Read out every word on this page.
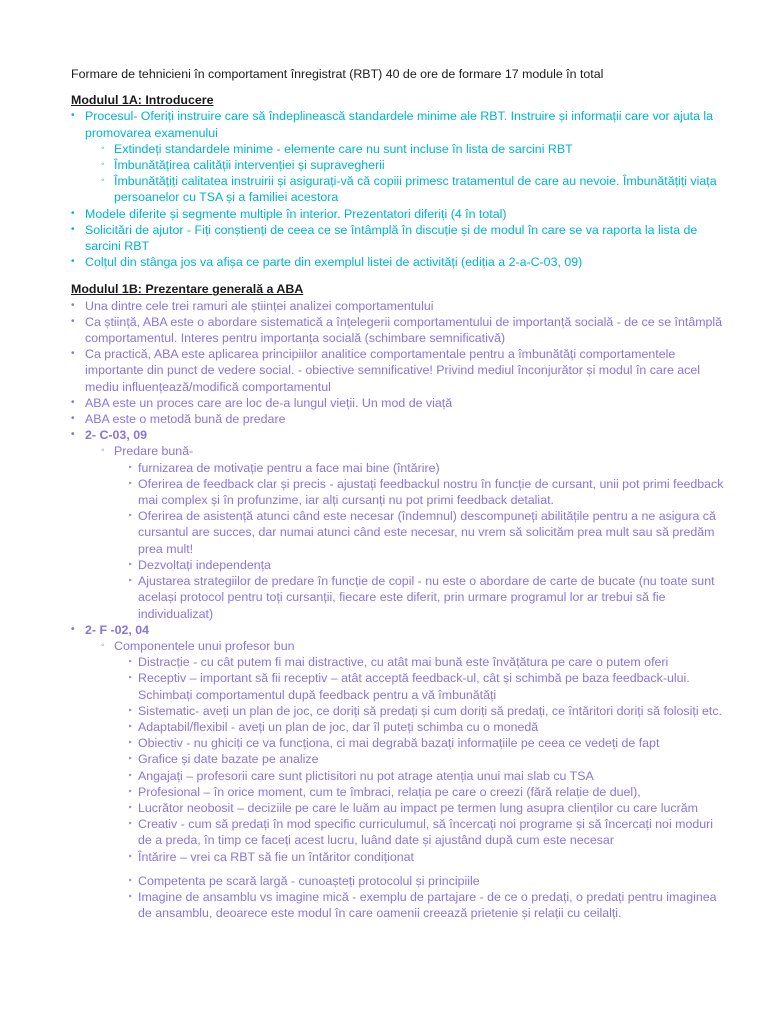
Formare de tehnicieni în comportament înregistrat (RBT) 40 de ore de formare 17 module în total
Modulul 1A: Introducere
• Procesul- Oferiți instruire care să îndeplinească standardele minime ale RBT. Instruire și informații care vor ajuta la promovarea examenului
◦ Extindeți standardele minime - elemente care nu sunt incluse în lista de sarcini RBT
◦ Îmbunătățirea calității intervenției și supravegherii
◦ Îmbunătățiți calitatea instruirii și asigurați-vă că copiii primesc tratamentul de care au nevoie. Îmbunătățiți viața persoanelor cu TSA și a familiei acestora
• Modele diferite și segmente multiple în interior. Prezentatori diferiți (4 în total)
• Solicitări de ajutor - Fiți conștienți de ceea ce se întâmplă în discuție și de modul în care se va raporta la lista de sarcini RBT
• Colțul din stânga jos va afișa ce parte din exemplul listei de activități (ediția a 2-a-C-03, 09)
Modulul 1B: Prezentare generală a ABA
• Una dintre cele trei ramuri ale științei analizei comportamentului
• Ca știință, ABA este o abordare sistematică a înțelegerii comportamentului de importanță socială - de ce se întâmplă comportamentul. Interes pentru importanța socială (schimbare semnificativă)
• Ca practică, ABA este aplicarea principiilor analitice comportamentale pentru a îmbunătăți comportamentele importante din punct de vedere social. - obiective semnificative! Privind mediul înconjurător și modul în care acel mediu influențează/modifică comportamentul
• ABA este un proces care are loc de-a lungul vieții. Un mod de viață
• ABA este o metodă bună de predare
• 2- C-03, 09
◦ Predare bună-
‣ furnizarea de motivație pentru a face mai bine (întărire)
‣ Oferirea de feedback clar și precis - ajustați feedbackul nostru în funcție de cursant, unii pot primi feedback mai complex și în profunzime, iar alți cursanți nu pot primi feedback detaliat.
‣ Oferirea de asistență atunci când este necesar (îndemnul) descompuneți abilitățile pentru a ne asigura că cursantul are succes, dar numai atunci când este necesar, nu vrem să solicităm prea mult sau să predăm prea mult!
‣ Dezvoltați independența
‣ Ajustarea strategiilor de predare în funcție de copil - nu este o abordare de carte de bucate (nu toate sunt același protocol pentru toți cursanții, fiecare este diferit, prin urmare programul lor ar trebui să fie individualizat)
• 2- F -02, 04
◦ Componentele unui profesor bun
‣ Distracție - cu cât putem fi mai distractive, cu atât mai bună este învățătura pe care o putem oferi
‣ Receptiv – important să fii receptiv – atât acceptă feedback-ul, cât și schimbă pe baza feedback-ului. Schimbați comportamentul după feedback pentru a vă îmbunătăți
‣ Sistematic- aveți un plan de joc, ce doriți să predați și cum doriți să predați, ce întăritori doriți să folosiți etc.
‣ Adaptabil/flexibil - aveți un plan de joc, dar îl puteți schimba cu o monedă
‣ Obiectiv - nu ghiciți ce va funcționa, ci mai degrabă bazați informațiile pe ceea ce vedeți de fapt
‣ Grafice și date bazate pe analize
‣ Angajați – profesorii care sunt plictisitori nu pot atrage atenția unui mai slab cu TSA
‣ Profesional – în orice moment, cum te îmbraci, relația pe care o creezi (fără relație de duel),
‣ Lucrător neobosit – deciziile pe care le luăm au impact pe termen lung asupra clienților cu care lucrăm
‣ Creativ - cum să predați în mod specific curriculumul, să încercați noi programe și să încercați noi moduri de a preda, în timp ce faceți acest lucru, luând date și ajustând după cum este necesar
‣ Întărire – vrei ca RBT să fie un întăritor condiționat
‣ Competenta pe scară largă - cunoașteți protocolul și principiile
‣ Imagine de ansamblu vs imagine mică - exemplu de partajare - de ce o predați, o predați pentru imaginea de ansamblu, deoarece este modul în care oamenii creează prietenie și relații cu ceilalți.
